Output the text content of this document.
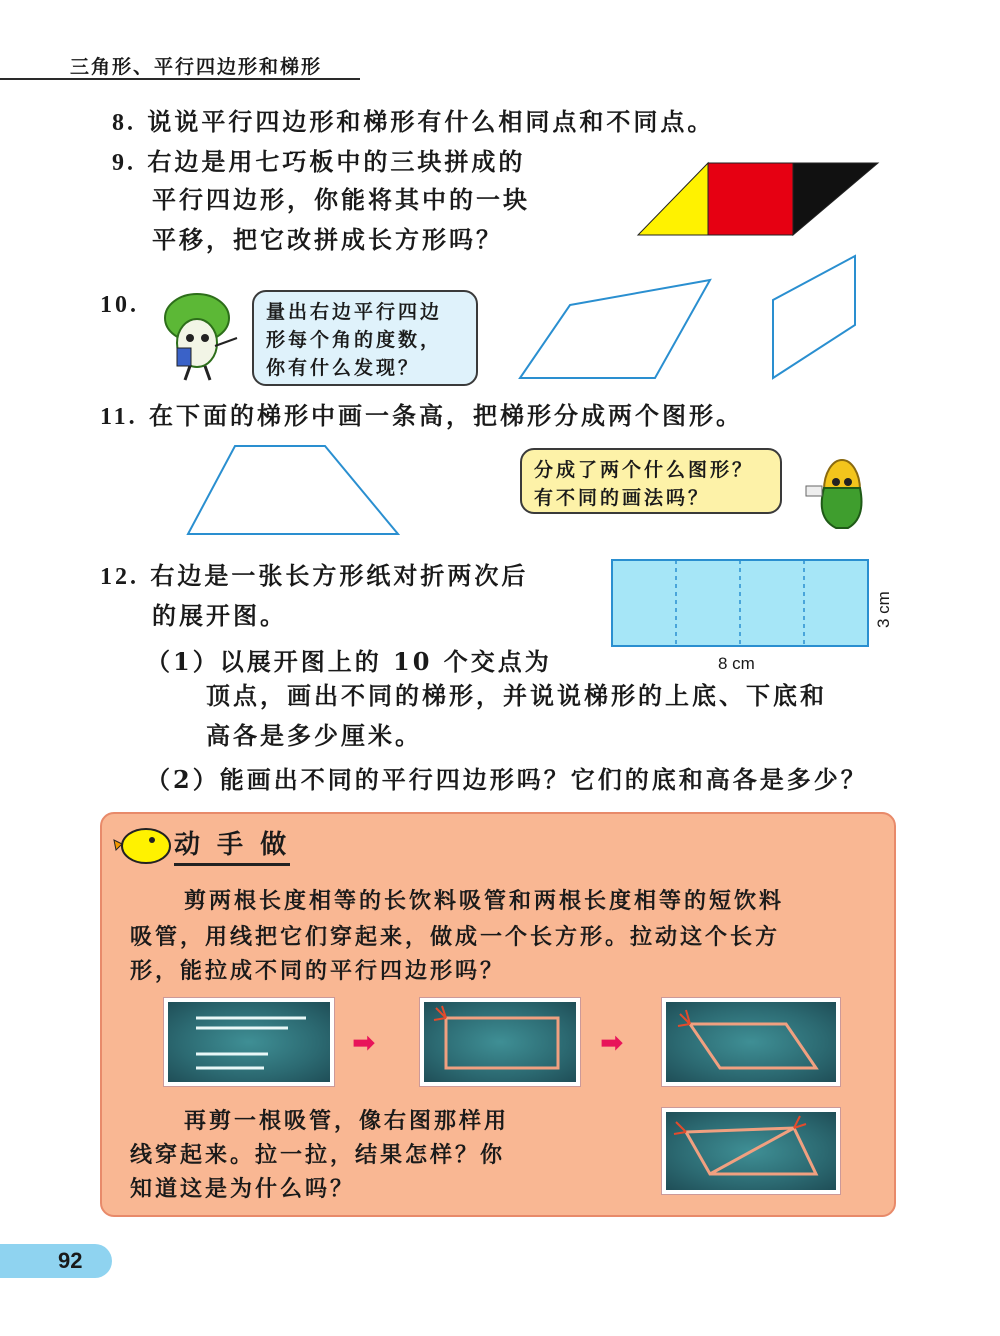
三角形、平行四边形和梯形
8. 说说平行四边形和梯形有什么相同点和不同点。
9. 右边是用七巧板中的三块拼成的
平行四边形，你能将其中的一块
平移，把它改拼成长方形吗？
10.	量出右边平行四边
形每个角的度数，
你有什么发现？
11. 在下面的梯形中画一条高，把梯形分成两个图形。
分成了两个什么图形？
有不同的画法吗？
12. 右边是一张长方形纸对折两次后
的展开图。
8 cm
3 cm
（1）以展开图上的 10 个交点为
顶点，画出不同的梯形，并说说梯形的上底、下底和
高各是多少厘米。
（2）能画出不同的平行四边形吗？它们的底和高各是多少？
动 手 做
剪两根长度相等的长饮料吸管和两根长度相等的短饮料
吸管，用线把它们穿起来，做成一个长方形。拉动这个长方
形，能拉成不同的平行四边形吗？
➡	➡
再剪一根吸管，像右图那样用
线穿起来。拉一拉，结果怎样？你
知道这是为什么吗？
92
